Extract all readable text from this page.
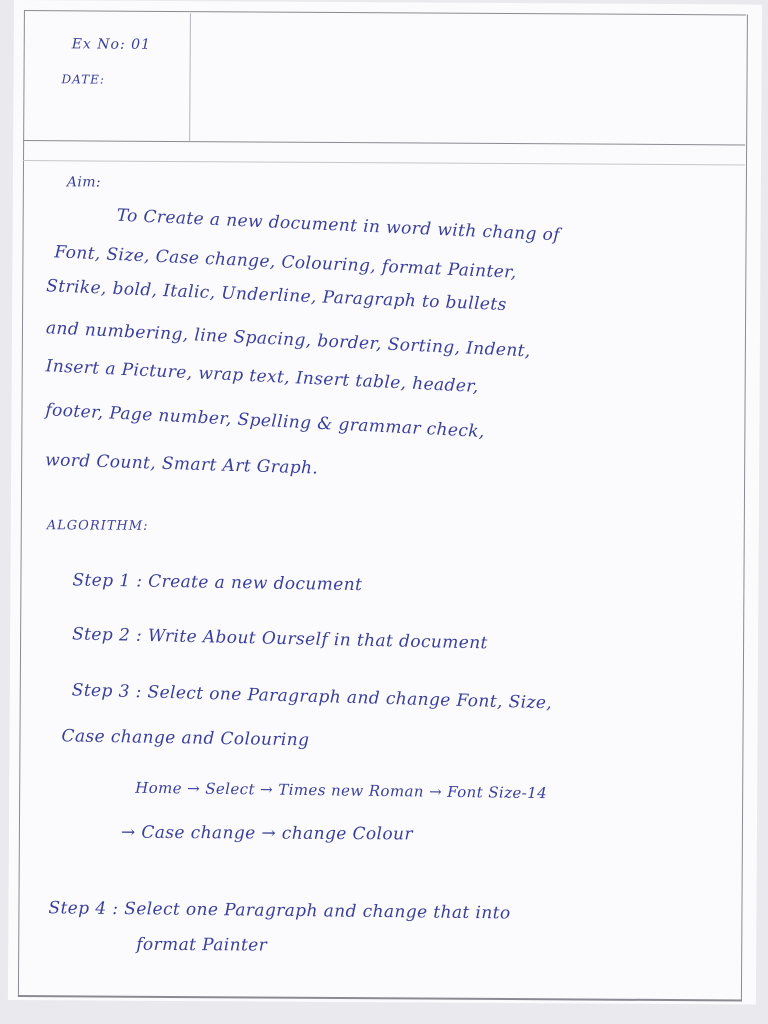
Ex No: 01
DATE:
Aim:
To Create a new document in word with chang of
Font, Size, Case change, Colouring, format Painter,
Strike, bold, Italic, Underline, Paragraph to bullets
and numbering, line Spacing, border, Sorting, Indent,
Insert a Picture, wrap text, Insert table, header,
footer, Page number, Spelling & grammar check,
word Count, Smart Art Graph.
ALGORITHM:
Step 1 : Create a new document
Step 2 : Write About Ourself in that document
Step 3 : Select one Paragraph and change Font, Size,
Case change and Colouring
Home → Select → Times new Roman → Font Size-14
→ Case change → change Colour
Step 4 : Select one Paragraph and change that into
format Painter
